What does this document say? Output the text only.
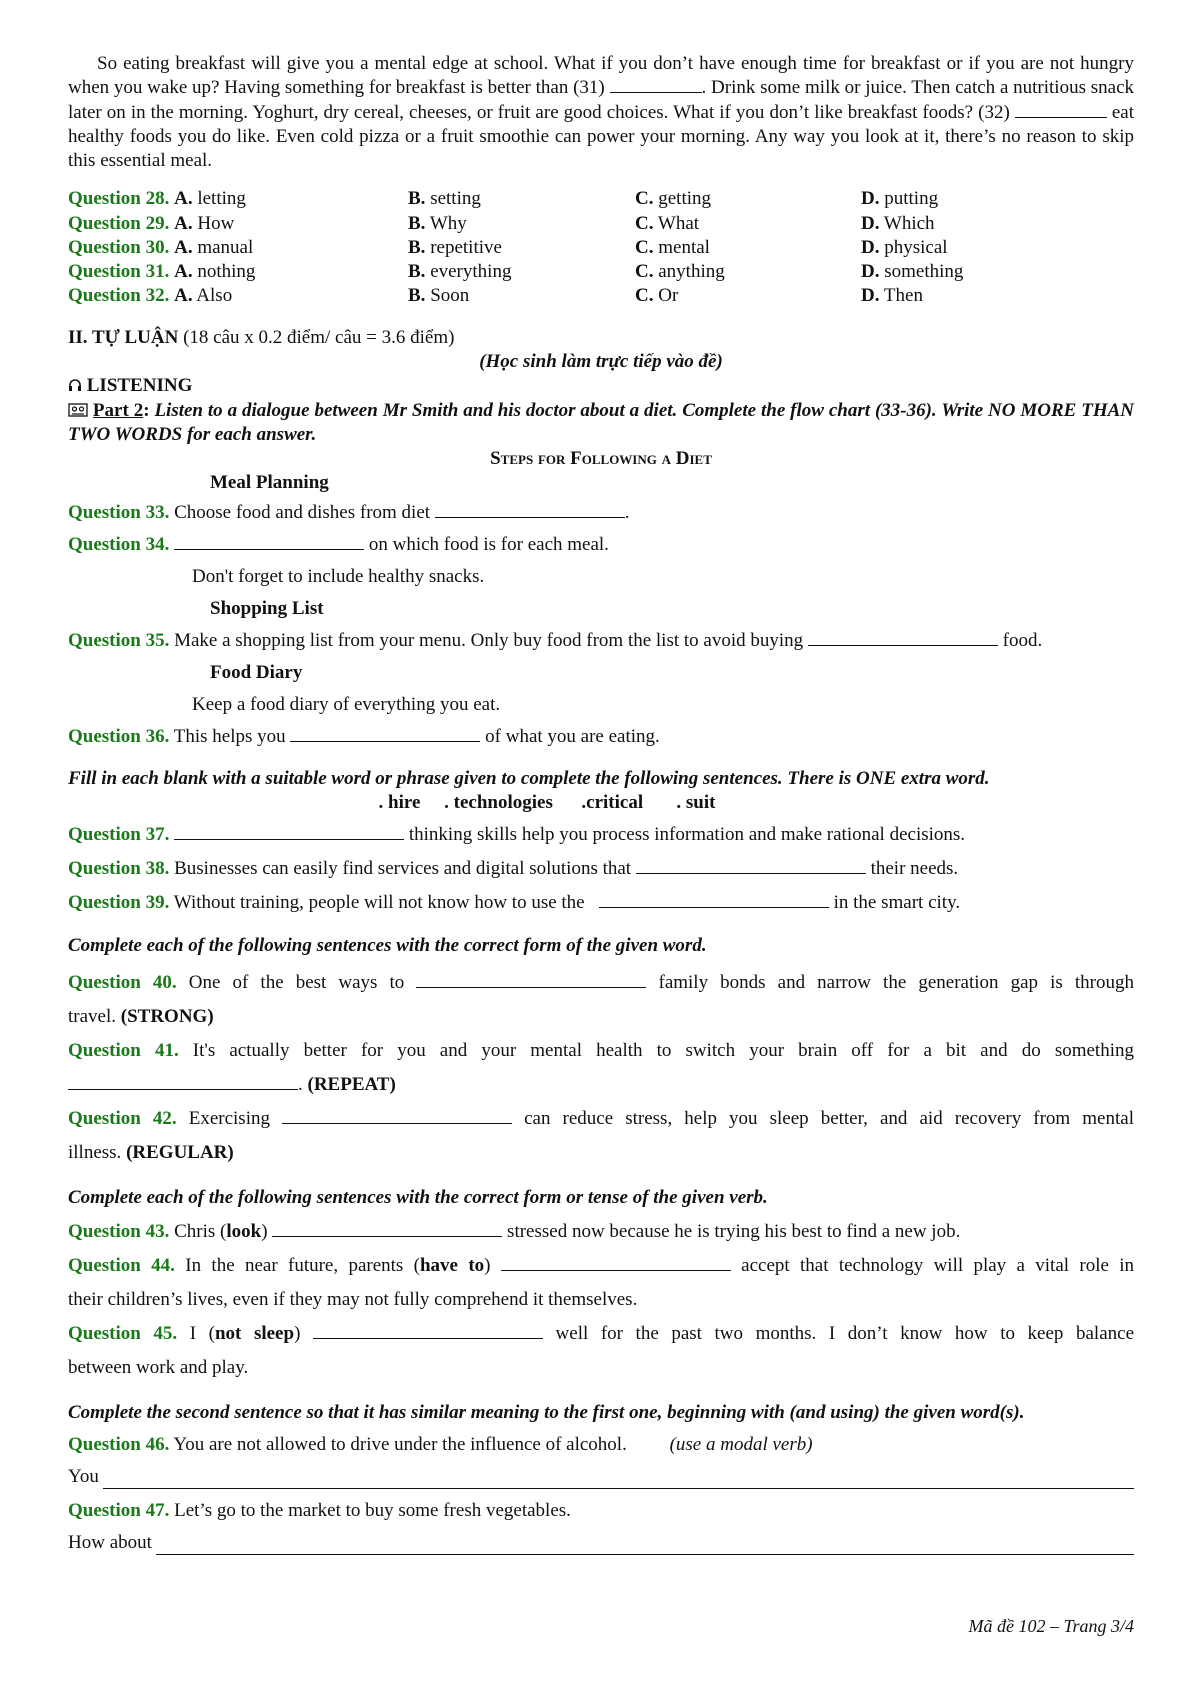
So eating breakfast will give you a mental edge at school. What if you don’t have enough time for breakfast or if you are not hungry when you wake up? Having something for breakfast is better than (31)	. Drink some milk or juice. Then catch a nutritious snack later on in the morning. Yoghurt, dry cereal, cheeses, or fruit are good choices. What if you don’t like breakfast foods? (32)	eat healthy foods you do like. Even cold pizza or a fruit smoothie can power your morning. Any way you look at it, there’s no reason to skip this essential meal.

Question 28. A. letting	B. setting	C. getting	D. putting
Question 29. A. How	B. Why	C. What	D. Which
Question 30. A. manual	B. repetitive	C. mental	D. physical
Question 31. A. nothing	B. everything	C. anything	D. something
Question 32. A. Also	B. Soon	C. Or	D. Then
II. TỰ LUẬN (18 câu x 0.2 điểm/ câu = 3.6 điểm)
(Học sinh làm trực tiếp vào đề)
LISTENING
Part 2: Listen to a dialogue between Mr Smith and his doctor about a diet. Complete the flow chart (33-36). Write NO MORE THAN TWO WORDS for each answer.
Steps for Following a Diet
Meal Planning
Question 33. Choose food and dishes from diet	.
Question 34.	on which food is for each meal.
Don't forget to include healthy snacks.
Shopping List
Question 35. Make a shopping list from your menu. Only buy food from the list to avoid buying	food.
Food Diary
Keep a food diary of everything you eat.
Question 36. This helps you	of what you are eating.
Fill in each blank with a suitable word or phrase given to complete the following sentences. There is ONE extra word.
. hire . technologies .critical . suit
Question 37.	thinking skills help you process information and make rational decisions.
Question 38. Businesses can easily find services and digital solutions that	their needs.
Question 39. Without training, people will not know how to use the	in the smart city.
Complete each of the following sentences with the correct form of the given word.
Question 40. One of the best ways to	family bonds and narrow the generation gap is through
travel. (STRONG)
Question 41. It's actually better for you and your mental health to switch your brain off for a bit and do something
. (REPEAT)
Question 42. Exercising	can reduce stress, help you sleep better, and aid recovery from mental
illness. (REGULAR)
Complete each of the following sentences with the correct form or tense of the given verb.
Question 43. Chris (look)	stressed now because he is trying his best to find a new job.
Question 44. In the near future, parents (have to)	accept that technology will play a vital role in
their children’s lives, even if they may not fully comprehend it themselves.
Question 45. I (not sleep)	well for the past two months. I don’t know how to keep balance
between work and play.
Complete the second sentence so that it has similar meaning to the first one, beginning with (and using) the given word(s).
Question 46. You are not allowed to drive under the influence of alcohol. (use a modal verb)
You
Question 47. Let’s go to the market to buy some fresh vegetables.
How about
Mã đề 102 – Trang 3/4
